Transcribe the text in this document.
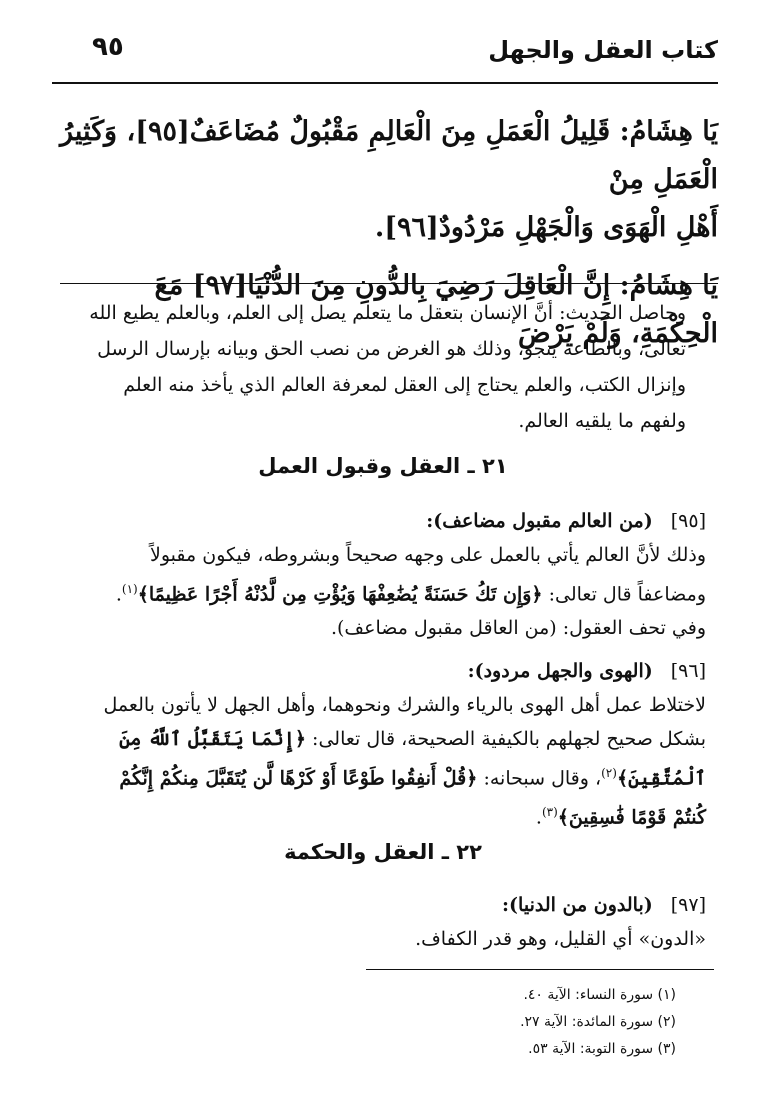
كتاب العقل والجهل
٩٥

يَا هِشَامُ: قَلِيلُ الْعَمَلِ مِنَ الْعَالِمِ مَقْبُولٌ مُضَاعَفٌ[٩٥]، وَكَثِيرُ الْعَمَلِ مِنْ

أَهْلِ الْهَوَى وَالْجَهْلِ مَرْدُودٌ[٩٦].

يَا هِشَامُ: إِنَّ الْعَاقِلَ رَضِيَ بِالدُّونِ مِنَ الدُّنْيَا[٩٧] مَعَ الْحِكْمَةِ، وَلَمْ يَرْضَ

وحاصل الحديث: أنَّ الإنسان بتعقل ما يتعلم يصل إلى العلم، وبالعلم يطيع الله تعالى، وبالطاعة ينجو، وذلك هو الغرض من نصب الحق وبيانه بإرسال الرسل وإنزال الكتب، والعلم يحتاج إلى العقل لمعرفة العالم الذي يأخذ منه العلم ولفهم ما يلقيه العالم.
٢١ ـ العقل وقبول العمل
[٩٥](من العالم مقبول مضاعف):
وذلك لأنَّ العالم يأتي بالعمل على وجهه صحيحاً وبشروطه، فيكون مقبولاً ومضاعفاً قال تعالى: ﴿وَإِن تَكُ حَسَنَةً يُضَٰعِفْهَا وَيُؤْتِ مِن لَّدُنْهُ أَجْرًا عَظِيمًا﴾$^{(١)}$.
وفي تحف العقول: (من العاقل مقبول مضاعف).
[٩٦](الهوى والجهل مردود):
لاختلاط عمل أهل الهوى بالرياء والشرك ونحوهما، وأهل الجهل لا يأتون بالعمل بشكل صحيح لجهلهم بالكيفية الصحيحة، قال تعالى: ﴿إِنَّمَا يَتَقَبَّلُ ٱللَّهُ مِنَ ٱلْمُتَّقِينَ﴾$^{(٢)}$، وقال سبحانه: ﴿قُلْ أَنفِقُوا طَوْعًا أَوْ كَرْهًا لَّن يُتَقَبَّلَ مِنكُمْ إِنَّكُمْ كُنتُمْ قَوْمًا فَٰسِقِينَ﴾$^{(٣)}$.
٢٢ ـ العقل والحكمة
[٩٧](بالدون من الدنيا):
«الدون» أي القليل، وهو قدر الكفاف.
(١) سورة النساء: الآية ٤٠.
(٢) سورة المائدة: الآية ٢٧.
(٣) سورة التوبة: الآية ٥٣.
